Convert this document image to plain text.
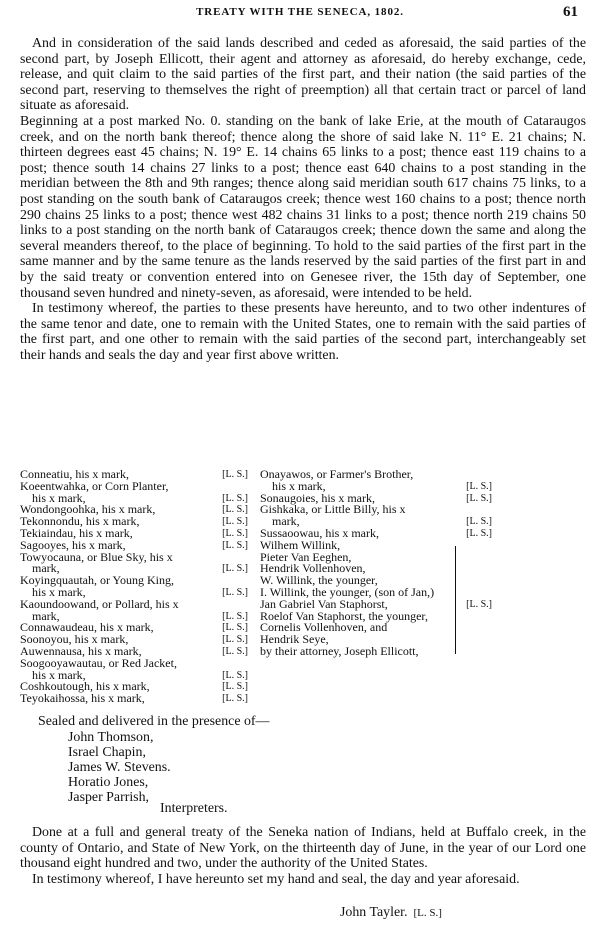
TREATY WITH THE SENECA, 1802.	61

And in consideration of the said lands described and ceded as aforesaid, the said parties of the second part, by Joseph Ellicott, their agent and attorney as aforesaid, do hereby exchange, cede, release, and quit claim to the said parties of the first part, and their nation (the said parties of the second part, reserving to themselves the right of preemption) all that certain tract or parcel of land situate as aforesaid.

Beginning at a post marked No. 0. standing on the bank of lake Erie, at the mouth of Cataraugos creek, and on the north bank thereof; thence along the shore of said lake N. 11° E. 21 chains; N. thirteen degrees east 45 chains; N. 19° E. 14 chains 65 links to a post; thence east 119 chains to a post; thence south 14 chains 27 links to a post; thence east 640 chains to a post standing in the meridian between the 8th and 9th ranges; thence along said meridian south 617 chains 75 links, to a post standing on the south bank of Cataraugos creek; thence west 160 chains to a post; thence north 290 chains 25 links to a post; thence west 482 chains 31 links to a post; thence north 219 chains 50 links to a post standing on the north bank of Cataraugos creek; thence down the same and along the several meanders thereof, to the place of beginning. To hold to the said parties of the first part in the same manner and by the same tenure as the lands reserved by the said parties of the first part in and by the said treaty or convention entered into on Genesee river, the 15th day of September, one thousand seven hundred and ninety-seven, as aforesaid, were intended to be held.

In testimony whereof, the parties to these presents have hereunto, and to two other indentures of the same tenor and date, one to remain with the United States, one to remain with the said parties of the first part, and one other to remain with the said parties of the second part, interchangeably set their hands and seals the day and year first above written.

Conneatiu, his x mark,	[L. S.]
Koeentwahka, or Corn Planter,
his x mark,	[L. S.]
Wondongoohka, his x mark,	[L. S.]
Tekonnondu, his x mark,	[L. S.]
Tekiaindau, his x mark,	[L. S.]
Sagooyes, his x mark,	[L. S.]
Towyocauna, or Blue Sky, his x
mark,	[L. S.]
Koyingquautah, or Young King,
his x mark,	[L. S.]
Kaoundoowand, or Pollard, his x
mark,	[L. S.]
Connawaudeau, his x mark,	[L. S.]
Soonoyou, his x mark,	[L. S.]
Auwennausa, his x mark,	[L. S.]
Soogooyawautau, or Red Jacket,
his x mark,	[L. S.]
Coshkoutough, his x mark,	[L. S.]
Teyokaihossa, his x mark,	[L. S.]
Onayawos, or Farmer's Brother,
his x mark,	[L. S.]
Sonaugoies, his x mark,	[L. S.]
Gishkaka, or Little Billy, his x
mark,	[L. S.]
Sussaoowau, his x mark,	[L. S.]
Wilhem Willink,
Pieter Van Eeghen,
Hendrik Vollenhoven,
W. Willink, the younger,
I. Willink, the younger, (son of Jan,)
Jan Gabriel Van Staphorst,
Roelof Van Staphorst, the younger,
Cornelis Vollenhoven, and
Hendrik Seye,
by their attorney, Joseph Ellicott,
[L. S.]
Sealed and delivered in the presence of—
John Thomson,
Israel Chapin,
James W. Stevens.
Horatio Jones,
Jasper Parrish,
Interpreters.

Done at a full and general treaty of the Seneka nation of Indians, held at Buffalo creek, in the county of Ontario, and State of New York, on the thirteenth day of June, in the year of our Lord one thousand eight hundred and two, under the authority of the United States.

In testimony whereof, I have hereunto set my hand and seal, the day and year aforesaid.

John Tayler. [L. S.]
